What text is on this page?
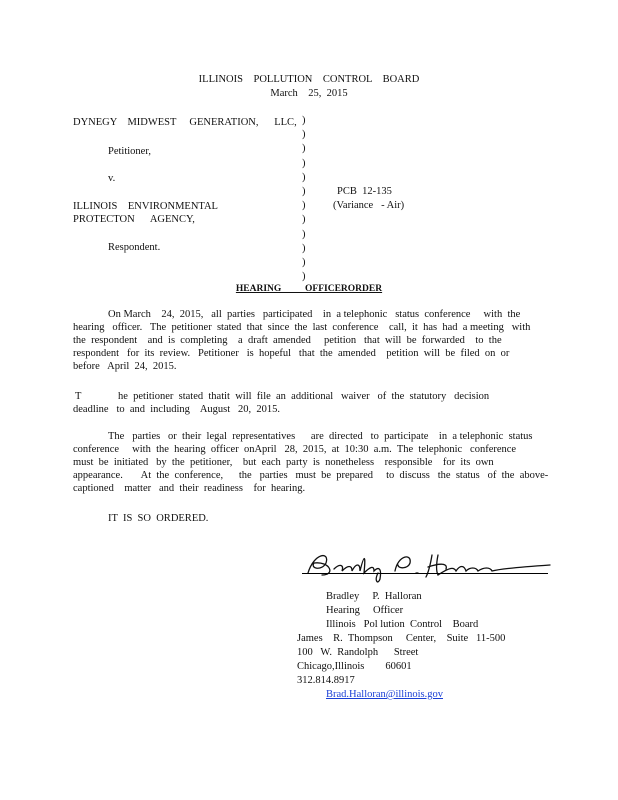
ILLINOIS    POLLUTION    CONTROL    BOARD
March    25,  2015
DYNEGY    MIDWEST     GENERATION,      LLC,
Petitioner,
v.
ILLINOIS    ENVIRONMENTAL
PROTECTON      AGENCY,
Respondent.
)
)
)
)
)
)
)
)
)
)
)
)
PCB  12-135
(Variance   - Air)
HEARING          OFFICERORDER
On March    24,  2015,   all  parties   participated    in  a telephonic   status  conference     with  the
hearing   officer.   The  petitioner  stated  that  since  the  last  conference    call,  it  has  had  a meeting   with
the  respondent    and  is  completing    a  draft  amended     petition   that  will  be  forwarded    to  the
respondent   for  its  review.   Petitioner   is  hopeful   that  the  amended    petition  will  be  filed  on  or
before   April  24,  2015.
T              he  petitioner  stated  thatit  will  file  an  additional   waiver   of  the  statutory   decision
deadline   to  and  including    August   20,  2015.
The   parties   or  their  legal  representatives      are  directed   to  participate    in  a telephonic  status
conference     with  the  hearing  officer  onApril   28,  2015,  at  10:30  a.m.  The  telephonic   conference
must  be  initiated   by  the  petitioner,    but  each  party  is  nonetheless    responsible    for  its  own
appearance.       At  the  conference,      the   parties   must  be  prepared     to  discuss   the  status   of  the  above-
captioned    matter   and  their  readiness    for  hearing.
IT  IS  SO  ORDERED.
Bradley     P.  Halloran
Hearing     Officer
Illinois   Pol lution  Control    Board
James    R.  Thompson     Center,    Suite   11-500
100   W.  Randolph      Street
Chicago,Illinois        60601
312.814.8917
Brad.Halloran@illinois.gov
